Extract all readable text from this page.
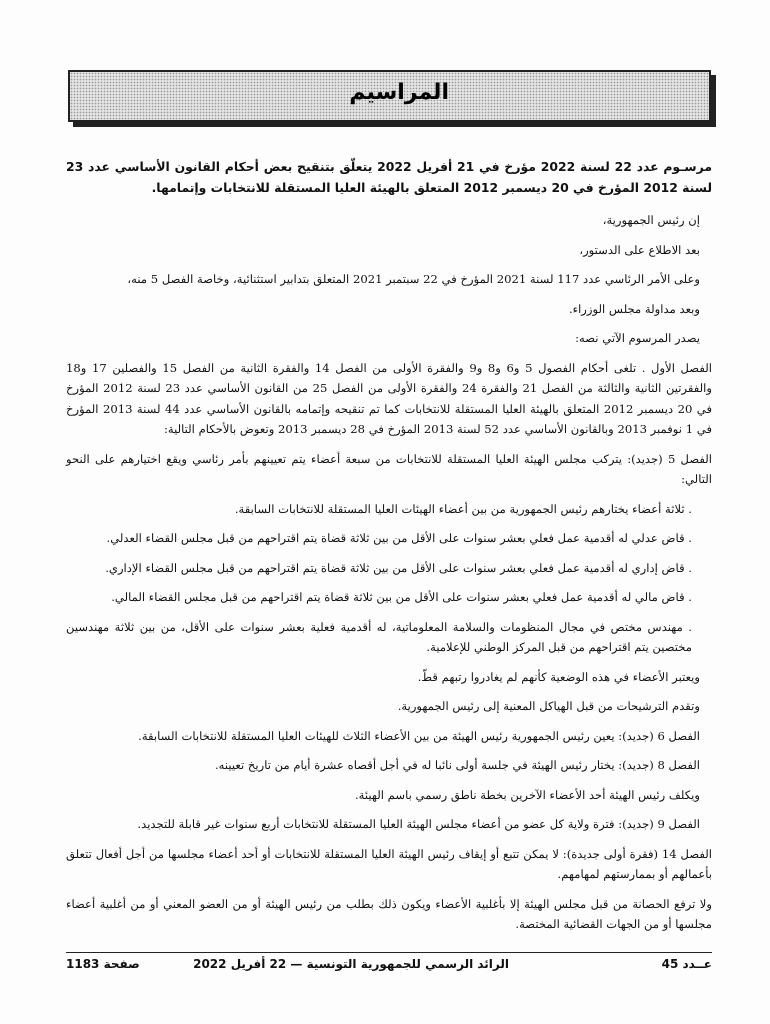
المراسيم

مرسـوم عدد 22 لسنة 2022 مؤرخ في 21 أفريل 2022 يتعلّق بتنقيح بعض أحكام القانون الأساسي عدد 23 لسنة 2012 المؤرخ في 20 ديسمبر 2012 المتعلق بالهيئة العليا المستقلة للانتخابات وإتمامها.

إن رئيس الجمهورية،

بعد الاطلاع على الدستور،

وعلى الأمر الرئاسي عدد 117 لسنة 2021 المؤرخ في 22 سبتمبر 2021 المتعلق بتدابير استثنائية، وخاصة الفصل 5 منه،

وبعد مداولة مجلس الوزراء.

يصدر المرسوم الآتي نصه:

الفصل الأول . تلغى أحكام الفصول 5 و6 و8 و9 والفقرة الأولى من الفصل 14 والفقرة الثانية من الفصل 15 والفصلين 17 و18 والفقرتين الثانية والثالثة من الفصل 21 والفقرة 24 والفقرة الأولى من الفصل 25 من القانون الأساسي عدد 23 لسنة 2012 المؤرخ في 20 ديسمبر 2012 المتعلق بالهيئة العليا المستقلة للانتخابات كما تم تنقيحه وإتمامه بالقانون الأساسي عدد 44 لسنة 2013 المؤرخ في 1 نوفمبر 2013 وبالقانون الأساسي عدد 52 لسنة 2013 المؤرخ في 28 ديسمبر 2013 وتعوض بالأحكام التالية:

الفصل 5 (جديد): يتركب مجلس الهيئة العليا المستقلة للانتخابات من سبعة أعضاء يتم تعيينهم بأمر رئاسي ويقع اختيارهم على النحو التالي:

. ثلاثة أعضاء يختارهم رئيس الجمهورية من بين أعضاء الهيئات العليا المستقلة للانتخابات السابقة.

. قاض عدلي له أقدمية عمل فعلي بعشر سنوات على الأقل من بين ثلاثة قضاة يتم اقتراحهم من قبل مجلس القضاء العدلي.

. قاض إداري له أقدمية عمل فعلي بعشر سنوات على الأقل من بين ثلاثة قضاة يتم اقتراحهم من قبل مجلس القضاء الإداري.

. قاض مالي له أقدمية عمل فعلي بعشر سنوات على الأقل من بين ثلاثة قضاة يتم اقتراحهم من قبل مجلس القضاء المالي.

. مهندس مختص في مجال المنظومات والسلامة المعلوماتية، له أقدمية فعلية بعشر سنوات على الأقل، من بين ثلاثة مهندسين مختصين يتم اقتراحهم من قبل المركز الوطني للإعلامية.

ويعتبر الأعضاء في هذه الوضعية كأنهم لم يغادروا رتبهم قطّ.

وتقدم الترشيحات من قبل الهياكل المعنية إلى رئيس الجمهورية.

الفصل 6 (جديد): يعين رئيس الجمهورية رئيس الهيئة من بين الأعضاء الثلاث للهيئات العليا المستقلة للانتخابات السابقة.

الفصل 8 (جديد): يختار رئيس الهيئة في جلسة أولى نائبا له في أجل أقصاه عشرة أيام من تاريخ تعيينه.

ويكلف رئيس الهيئة أحد الأعضاء الآخرين بخطة ناطق رسمي باسم الهيئة.

الفصل 9 (جديد): فترة ولاية كل عضو من أعضاء مجلس الهيئة العليا المستقلة للانتخابات أربع سنوات غير قابلة للتجديد.

الفصل 14 (فقرة أولى جديدة): لا يمكن تتبع أو إيقاف رئيس الهيئة العليا المستقلة للانتخابات أو أحد أعضاء مجلسها من أجل أفعال تتعلق بأعمالهم أو بممارستهم لمهامهم.

ولا ترفع الحصانة من قبل مجلس الهيئة إلا بأغلبية الأعضاء ويكون ذلك بطلب من رئيس الهيئة أو من العضو المعني أو من أغلبية أعضاء مجلسها أو من الجهات القضائية المختصة.

عــدد 45
الرائد الرسمي للجمهورية التونسية — 22 أفريل 2022
صفحة 1183
